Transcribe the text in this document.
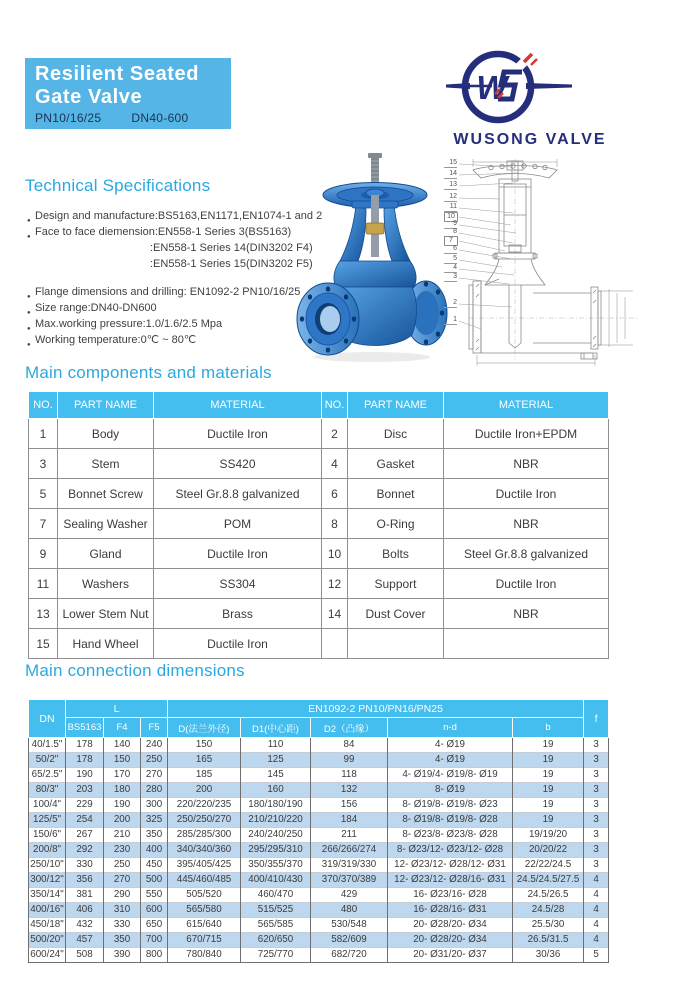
Resilient Seated
Gate Valve
PN10/16/25	DN40-600
W
WUSONG VALVE
Technical Specifications
● Design and manufacture:BS5163,EN1171,EN1074-1 and 2
● Face to face diemension:EN558-1 Series 3(BS5163)
:EN558-1 Series 14(DIN3202 F4)
:EN558-1 Series 15(DIN3202 F5)
● Flange dimensions and drilling: EN1092-2 PN10/16/25
● Size range:DN40-DN600
● Max.working pressure:1.0/1.6/2.5 Mpa
● Working temperature:0℃ ~ 80℃
15
14
13
12
11
10
9
8
7
6
5
4
3
2
1
Main components and materials
NO.	PART NAME	MATERIAL	NO.	PART NAME	MATERIAL
1	Body	Ductile Iron	2	Disc	Ductile Iron+EPDM
3	Stem	SS420	4	Gasket	NBR
5	Bonnet Screw	Steel Gr.8.8 galvanized	6	Bonnet	Ductile Iron
7	Sealing Washer	POM	8	O-Ring	NBR
9	Gland	Ductile Iron	10	Bolts	Steel Gr.8.8 galvanized
11	Washers	SS304	12	Support	Ductile Iron
13	Lower Stem Nut	Brass	14	Dust Cover	NBR
15	Hand Wheel	Ductile Iron			
Main connection dimensions
DN	L			EN1092-2 PN10/PN16/PN25					f
	BS5163	F4	F5	D(法兰外径)	D1(中心距)	D2（凸缘）	n-d	b	
40/1.5"	178	140	240	150	110	84	4- Ø19	19	3
50/2"	178	150	250	165	125	99	4- Ø19	19	3
65/2.5"	190	170	270	185	145	118	4- Ø19/4- Ø19/8- Ø19	19	3
80/3"	203	180	280	200	160	132	8- Ø19	19	3
100/4"	229	190	300	220/220/235	180/180/190	156	8- Ø19/8- Ø19/8- Ø23	19	3
125/5"	254	200	325	250/250/270	210/210/220	184	8- Ø19/8- Ø19/8- Ø28	19	3
150/6"	267	210	350	285/285/300	240/240/250	211	8- Ø23/8- Ø23/8- Ø28	19/19/20	3
200/8"	292	230	400	340/340/360	295/295/310	266/266/274	8- Ø23/12- Ø23/12- Ø28	20/20/22	3
250/10"	330	250	450	395/405/425	350/355/370	319/319/330	12- Ø23/12- Ø28/12- Ø31	22/22/24.5	3
300/12"	356	270	500	445/460/485	400/410/430	370/370/389	12- Ø23/12- Ø28/16- Ø31	24.5/24.5/27.5	4
350/14"	381	290	550	505/520	460/470	429	16- Ø23/16- Ø28	24.5/26.5	4
400/16"	406	310	600	565/580	515/525	480	16- Ø28/16- Ø31	24.5/28	4
450/18"	432	330	650	615/640	565/585	530/548	20- Ø28/20- Ø34	25.5/30	4
500/20"	457	350	700	670/715	620/650	582/609	20- Ø28/20- Ø34	26.5/31.5	4
600/24"	508	390	800	780/840	725/770	682/720	20- Ø31/20- Ø37	30/36	5
